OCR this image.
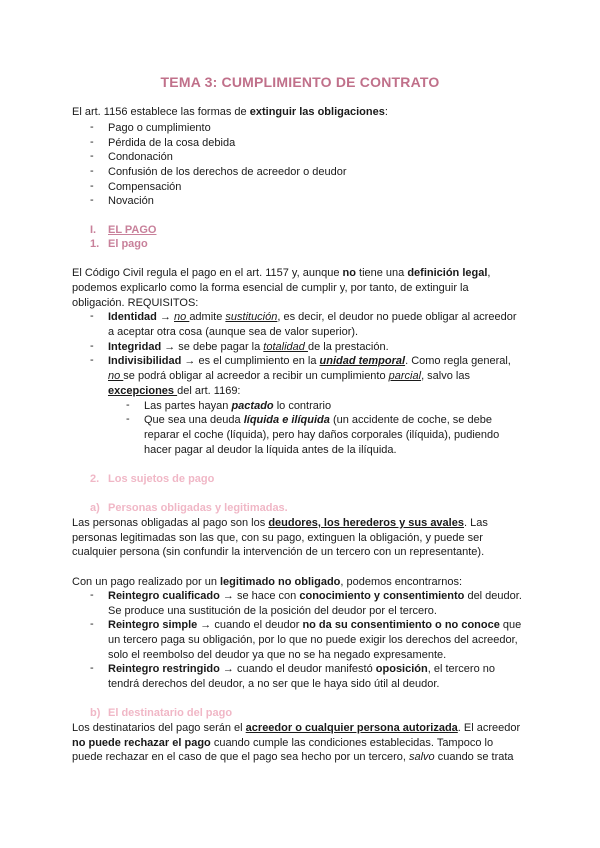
TEMA 3: CUMPLIMIENTO DE CONTRATO
El art. 1156 establece las formas de extinguir las obligaciones:
- Pago o cumplimiento
- Pérdida de la cosa debida
- Condonación
- Confusión de los derechos de acreedor o deudor
- Compensación
- Novación
I. EL PAGO
1. El pago
El Código Civil regula el pago en el art. 1157 y, aunque no tiene una definición legal,
podemos explicarlo como la forma esencial de cumplir y, por tanto, de extinguir la
obligación. REQUISITOS:
- Identidad → no admite sustitución, es decir, el deudor no puede obligar al acreedor
a aceptar otra cosa (aunque sea de valor superior).
- Integridad → se debe pagar la totalidad de la prestación.
- Indivisibilidad → es el cumplimiento en la unidad temporal. Como regla general,
no se podrá obligar al acreedor a recibir un cumplimiento parcial, salvo las
excepciones del art. 1169:
- Las partes hayan pactado lo contrario
- Que sea una deuda líquida e ilíquida (un accidente de coche, se debe
reparar el coche (líquida), pero hay daños corporales (ilíquida), pudiendo
hacer pagar al deudor la líquida antes de la ilíquida.
2. Los sujetos de pago
a) Personas obligadas y legitimadas.
Las personas obligadas al pago son los deudores, los herederos y sus avales. Las
personas legitimadas son las que, con su pago, extinguen la obligación, y puede ser
cualquier persona (sin confundir la intervención de un tercero con un representante).
Con un pago realizado por un legitimado no obligado, podemos encontrarnos:
- Reintegro cualificado → se hace con conocimiento y consentimiento del deudor.
Se produce una sustitución de la posición del deudor por el tercero.
- Reintegro simple → cuando el deudor no da su consentimiento o no conoce que
un tercero paga su obligación, por lo que no puede exigir los derechos del acreedor,
solo el reembolso del deudor ya que no se ha negado expresamente.
- Reintegro restringido → cuando el deudor manifestó oposición, el tercero no
tendrá derechos del deudor, a no ser que le haya sido útil al deudor.
b) El destinatario del pago
Los destinatarios del pago serán el acreedor o cualquier persona autorizada. El acreedor
no puede rechazar el pago cuando cumple las condiciones establecidas. Tampoco lo
puede rechazar en el caso de que el pago sea hecho por un tercero, salvo cuando se trata
